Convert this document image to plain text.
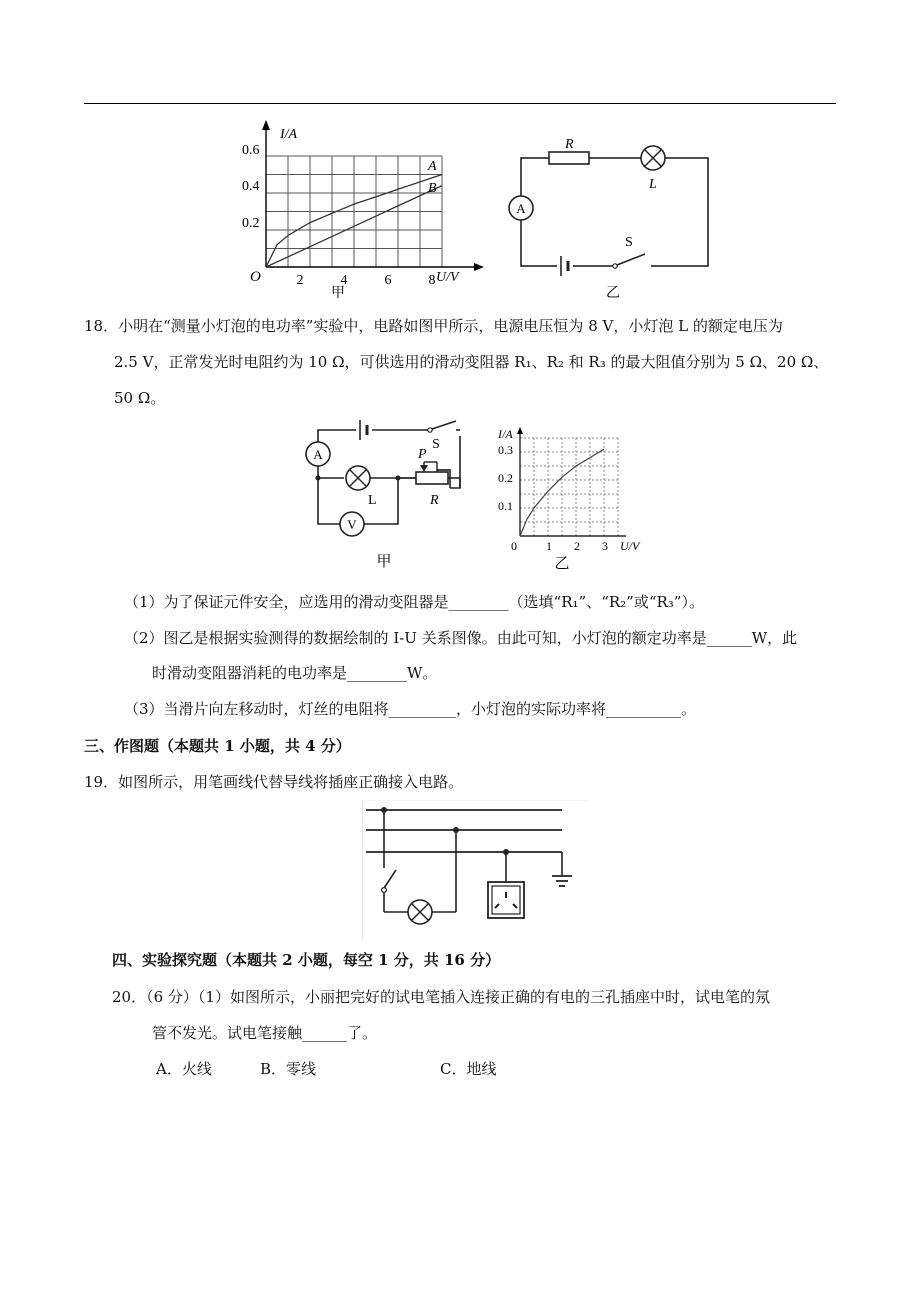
I/A
U/V
O
0.6
0.4
0.2
2	4	6	8
A
B
甲
R
L
A
S
乙
18．小明在“测量小灯泡的电功率”实验中，电路如图甲所示，电源电压恒为 8 V，小灯泡 L 的额定电压为
2.5 V，正常发光时电阻约为 10 Ω，可供选用的滑动变阻器 R₁、R₂ 和 R₃ 的最大阻值分别为 5 Ω、20 Ω、
50 Ω。
S
A
L
P
R
V
甲
I/A
U/V
0
0.3
0.2
0.1
1 2 3
乙
（1）为了保证元件安全，应选用的滑动变阻器是________（选填“R₁”、“R₂”或“R₃”）。
（2）图乙是根据实验测得的数据绘制的 I-U 关系图像。由此可知，小灯泡的额定功率是______W，此
时滑动变阻器消耗的电功率是________W。
（3）当滑片向左移动时，灯丝的电阻将_________，小灯泡的实际功率将__________。
三、作图题（本题共 1 小题，共 4 分）
19．如图所示，用笔画线代替导线将插座正确接入电路。
四、实验探究题（本题共 2 小题，每空 1 分，共 16 分）
20．（6 分）（1）如图所示，小丽把完好的试电笔插入连接正确的有电的三孔插座中时，试电笔的氖
管不发光。试电笔接触______了。
A．火线	B．零线	C．地线
